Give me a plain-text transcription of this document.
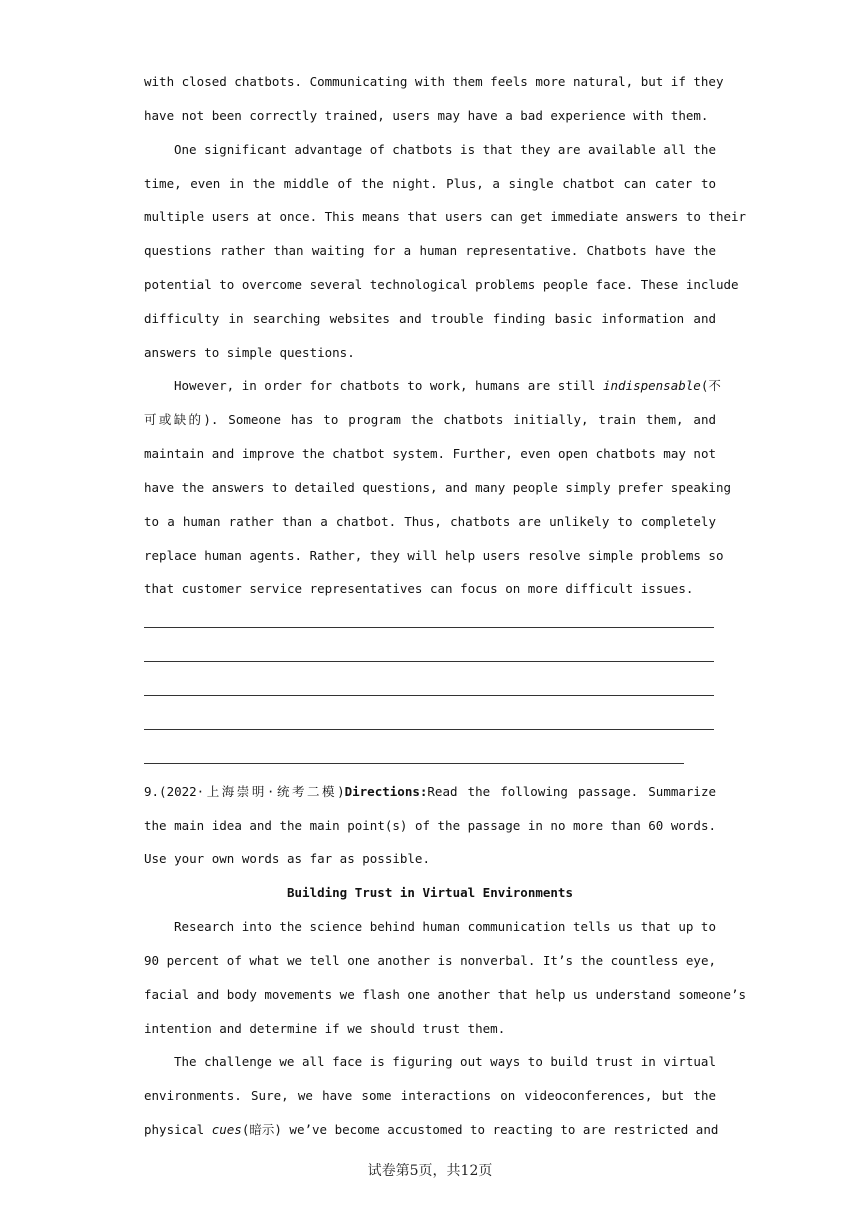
with closed chatbots. Communicating with them feels more natural, but if they
have not been correctly trained, users may have a bad experience with them.
One significant advantage of chatbots is that they are available all the
time, even in the middle of the night. Plus, a single chatbot can cater to
multiple users at once. This means that users can get immediate answers to their
questions rather than waiting for a human representative. Chatbots have the
potential to overcome several technological problems people face. These include
difficulty in searching websites and trouble finding basic information and
answers to simple questions.
However, in order for chatbots to work, humans are still indispensable(不
可或缺的). Someone has to program the chatbots initially, train them, and
maintain and improve the chatbot system. Further, even open chatbots may not
have the answers to detailed questions, and many people simply prefer speaking
to a human rather than a chatbot. Thus, chatbots are unlikely to completely
replace human agents. Rather, they will help users resolve simple problems so
that customer service representatives can focus on more difficult issues.
9.(2022·上海崇明·统考二模)Directions:Read the following passage. Summarize
the main idea and the main point(s) of the passage in no more than 60 words.
Use your own words as far as possible.
Building Trust in Virtual Environments
Research into the science behind human communication tells us that up to
90 percent of what we tell one another is nonverbal. It’s the countless eye,
facial and body movements we flash one another that help us understand someone’s
intention and determine if we should trust them.
The challenge we all face is figuring out ways to build trust in virtual
environments. Sure, we have some interactions on videoconferences, but the
physical cues(暗示) we’ve become accustomed to reacting to are restricted and
试卷第5页，共12页
